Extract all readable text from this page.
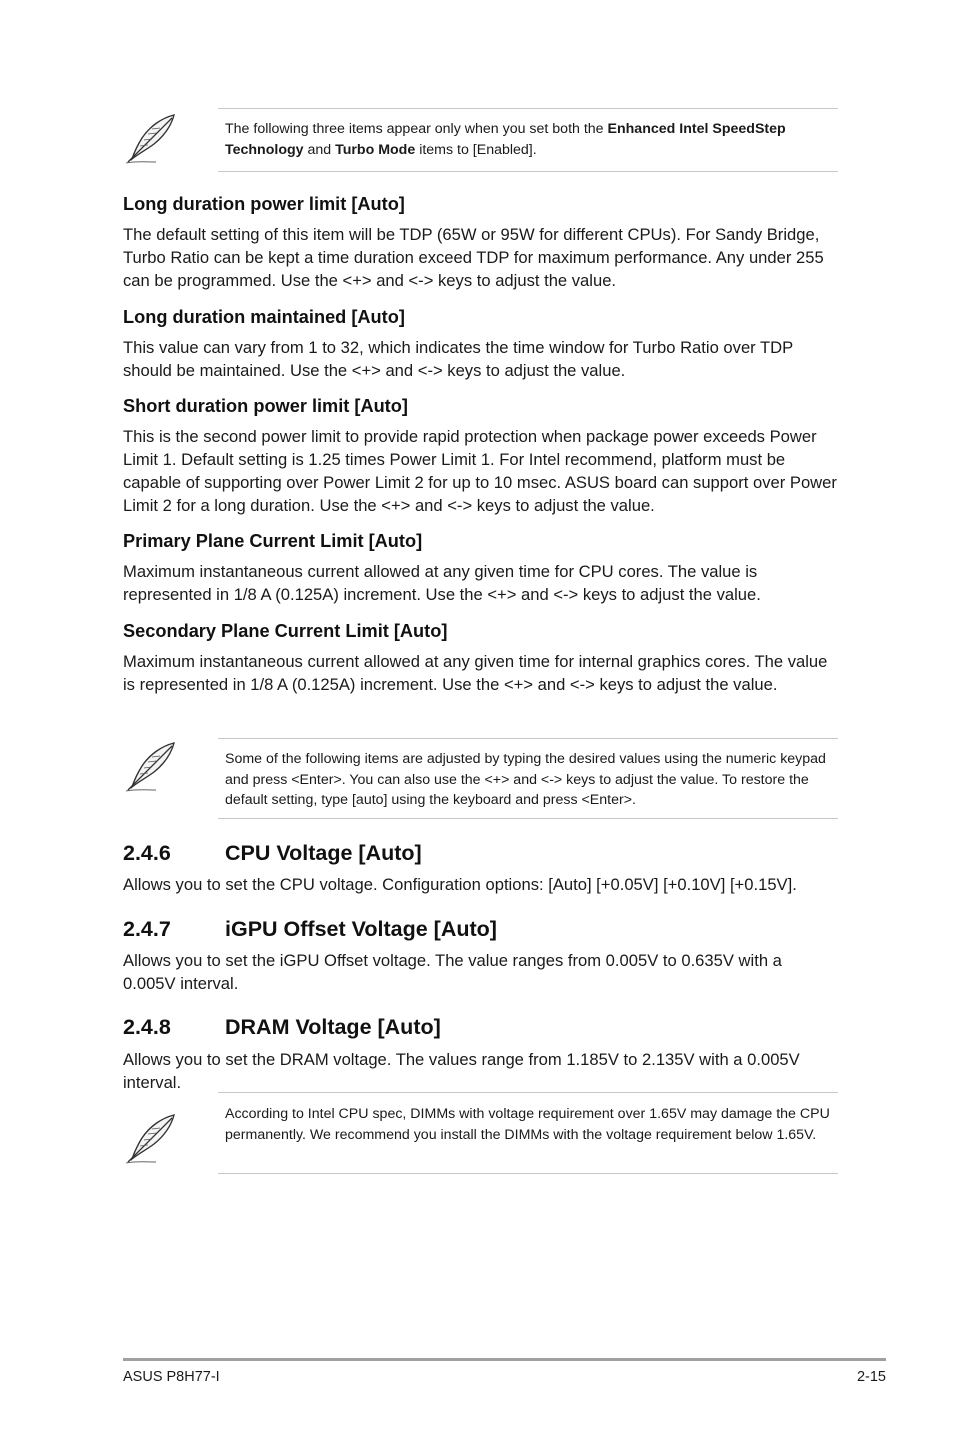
The following three items appear only when you set both the Enhanced Intel SpeedStep Technology and Turbo Mode items to [Enabled].
Long duration power limit [Auto]

The default setting of this item will be TDP (65W or 95W for different CPUs). For Sandy Bridge, Turbo Ratio can be kept a time duration exceed TDP for maximum performance. Any under 255 can be programmed. Use the <+> and <-> keys to adjust the value.

Long duration maintained [Auto]

This value can vary from 1 to 32, which indicates the time window for Turbo Ratio over TDP should be maintained. Use the <+> and <-> keys to adjust the value.

Short duration power limit [Auto]

This is the second power limit to provide rapid protection when package power exceeds Power Limit 1. Default setting is 1.25 times Power Limit 1. For Intel recommend, platform must be capable of supporting over Power Limit 2 for up to 10 msec. ASUS board can support over Power Limit 2 for a long duration. Use the <+> and <-> keys to adjust the value.

Primary Plane Current Limit [Auto]

Maximum instantaneous current allowed at any given time for CPU cores. The value is represented in 1/8 A (0.125A) increment. Use the <+> and <-> keys to adjust the value.

Secondary Plane Current Limit [Auto]

Maximum instantaneous current allowed at any given time for internal graphics cores. The value is represented in 1/8 A (0.125A) increment. Use the <+> and <-> keys to adjust the value.

Some of the following items are adjusted by typing the desired values using the numeric keypad and press <Enter>. You can also use the <+> and <-> keys to adjust the value. To restore the default setting, type [auto] using the keyboard and press <Enter>.
2.4.6	CPU Voltage [Auto]

Allows you to set the CPU voltage. Configuration options: [Auto] [+0.05V] [+0.10V] [+0.15V].

2.4.7	iGPU Offset Voltage [Auto]

Allows you to set the iGPU Offset voltage. The value ranges from 0.005V to 0.635V with a 0.005V interval.

2.4.8	DRAM Voltage [Auto]

Allows you to set the DRAM voltage. The values range from 1.185V to 2.135V with a 0.005V interval.

According to Intel CPU spec, DIMMs with voltage requirement over 1.65V may damage the CPU permanently. We recommend you install the DIMMs with the voltage requirement below 1.65V.
ASUS P8H77-I	2-15
